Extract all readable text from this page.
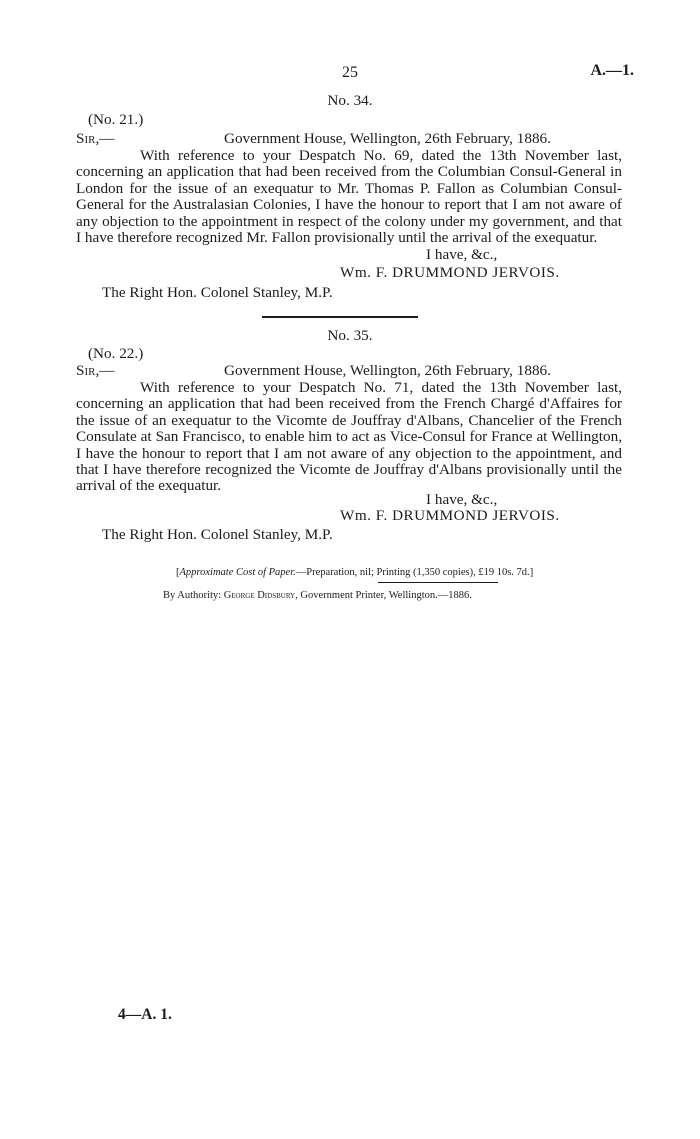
25	A.—1.
No. 34.
(No. 21.)
Sir,—	Government House, Wellington, 26th February, 1886.
With reference to your Despatch No. 69, dated the 13th November last, concerning an application that had been received from the Columbian Consul-General in London for the issue of an exequatur to Mr. Thomas P. Fallon as Columbian Consul-General for the Australasian Colonies, I have the honour to report that I am not aware of any objection to the appointment in respect of the colony under my government, and that I have therefore recognized Mr. Fallon provisionally until the arrival of the exequatur.
I have, &c.,
Wm. F. DRUMMOND JERVOIS.
The Right Hon. Colonel Stanley, M.P.
No. 35.
(No. 22.)
Sir,—	Government House, Wellington, 26th February, 1886.
With reference to your Despatch No. 71, dated the 13th November last, concerning an application that had been received from the French Chargé d'Affaires for the issue of an exequatur to the Vicomte de Jouffray d'Albans, Chancelier of the French Consulate at San Francisco, to enable him to act as Vice-Consul for France at Wellington, I have the honour to report that I am not aware of any objection to the appointment, and that I have therefore recognized the Vicomte de Jouffray d'Albans provisionally until the arrival of the exequatur.
I have, &c.,
Wm. F. DRUMMOND JERVOIS.
The Right Hon. Colonel Stanley, M.P.
[Approximate Cost of Paper.—Preparation, nil; Printing (1,350 copies), £19 10s. 7d.]
By Authority: George Didsbury, Government Printer, Wellington.—1886.
4—A. 1.
